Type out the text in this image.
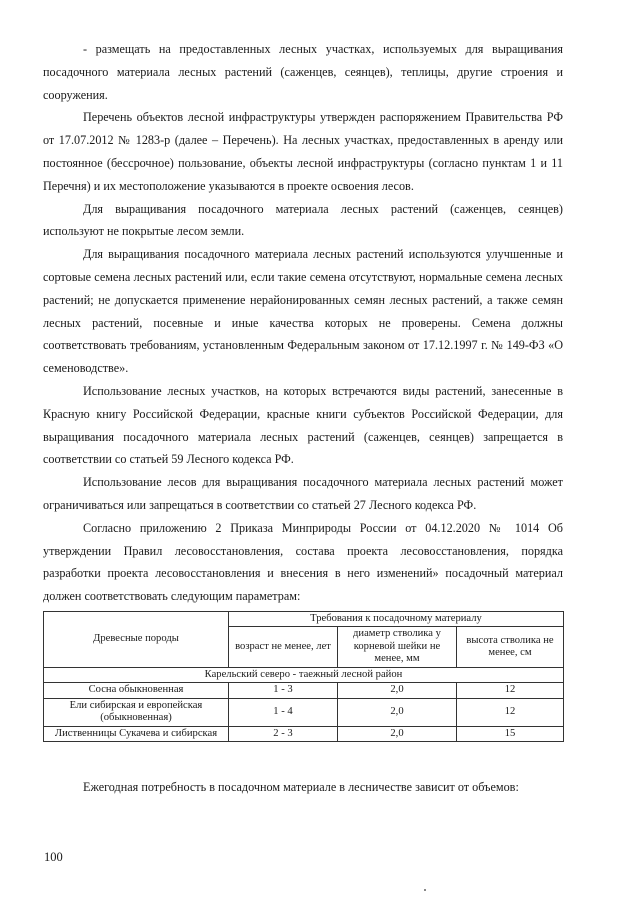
- размещать на предоставленных лесных участках, используемых для выращивания посадочного материала лесных растений (саженцев, сеянцев), теплицы, другие строения и сооружения.

Перечень объектов лесной инфраструктуры утвержден распоряжением Правительства РФ от 17.07.2012 № 1283-р (далее – Перечень). На лесных участках, предоставленных в аренду или постоянное (бессрочное) пользование, объекты лесной инфраструктуры (согласно пунктам 1 и 11 Перечня) и их местоположение указываются в проекте освоения лесов.

Для выращивания посадочного материала лесных растений (саженцев, сеянцев) используют не покрытые лесом земли.

Для выращивания посадочного материала лесных растений используются улучшенные и сортовые семена лесных растений или, если такие семена отсутствуют, нормальные семена лесных растений; не допускается применение нерайонированных семян лесных растений, а также семян лесных растений, посевные и иные качества которых не проверены. Семена должны соответствовать требованиям, установленным Федеральным законом от 17.12.1997 г. № 149-ФЗ «О семеноводстве».

Использование лесных участков, на которых встречаются виды растений, занесенные в Красную книгу Российской Федерации, красные книги субъектов Российской Федерации, для выращивания посадочного материала лесных растений (саженцев, сеянцев) запрещается в соответствии со статьей 59 Лесного кодекса РФ.

Использование лесов для выращивания посадочного материала лесных растений может ограничиваться или запрещаться в соответствии со статьей 27 Лесного кодекса РФ.

Согласно приложению 2 Приказа Минприроды России от 04.12.2020 № 1014 Об утверждении Правил лесовосстановления, состава проекта лесовосстановления, порядка разработки проекта лесовосстановления и внесения в него изменений» посадочный материал должен соответствовать следующим параметрам:

Древесные породы	Требования к посадочному материалу		
	возраст не менее, лет	диаметр стволика у корневой шейки не менее, мм	высота стволика не менее, см
Карельский северо - таежный лесной район			
Сосна обыкновенная	1 - 3	2,0	12
Ели сибирская и европейская (обыкновенная)	1 - 4	2,0	12
Лиственницы Сукачева и сибирская	2 - 3	2,0	15

Ежегодная потребность в посадочном материале в лесничестве зависит от объемов:

100
